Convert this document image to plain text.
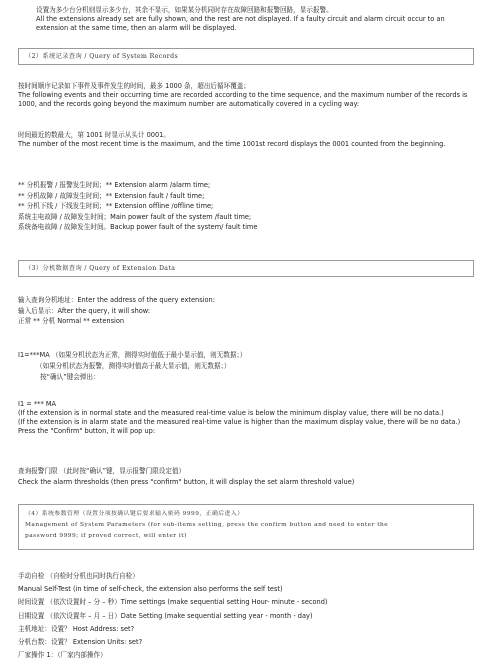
设置为多少台分机则显示多少台，其余不显示，如果某分机同时存在故障回路和报警回路，显示报警。

All the extensions already set are fully shown, and the rest are not displayed. If a faulty circuit and alarm circuit occur to an extension at the same time, then an alarm will be displayed.

（2）系统记录查询 / Query of System Records

按时间顺序记录如下事件及事件发生的时间，最多 1000 条，超出后循环覆盖；

The following events and their occurring time are recorded according to the time sequence, and the maximum number of the records is 1000, and the records going beyond the maximum number are automatically covered in a cycling way:

时间最近的数最大，第 1001 时显示从头计 0001。

The number of the most recent time is the maximum, and the time 1001st record displays the 0001 counted from the beginning.

** 分机报警 / 报警发生时间；** Extension alarm /alarm time;

** 分机故障 / 故障发生时间；** Extension fault / fault time;

** 分机下线 / 下线发生时间；** Extension offline /offline time;

系统主电故障 / 故障发生时间；Main power fault of the system /fault time;

系统备电故障 / 故障发生时间。Backup power fault of the system/ fault time

（3）分机数据查询 / Query of Extension Data

输入查询分机地址：Enter the address of the query extension:

输入后显示：After the query, it will show:

正常 ** 分机 Normal ** extension

I1=***MA （如果分机状态为正常，测得实时值低于最小显示值，则无数据；）

（如果分机状态为报警，测得实时值高于最大显示值，则无数据；）

按“确认”键会弹出：

I1 = *** MA

(If the extension is in normal state and the measured real-time value is below the minimum display value, there will be no data.)

(If the extension is in alarm state and the measured real-time value is higher than the maximum display value, there will be no data.)

Press the "Confirm" button, it will pop up:

查询报警门限 （此时按“确认”键，显示报警门限设定值）

Check the alarm thresholds (then press "confirm" button, it will display the set alarm threshold value)

（4）系统参数管理（设置分项按确认键后要求输入密码 9999，正确后进入）

Management of System Parameters (for sub-items setting, press the confirm button and need to enter the

password 9999; if proved correct, will enter it)

手动自检 （自检时分机也同时执行自检）

Manual Self-Test (in time of self-check, the extension also performs the self test)

时间设置 （依次设置时 – 分 – 秒）Time settings (make sequential setting Hour- minute - second)

日期设置 （依次设置年 – 月 – 日）Date Setting (make sequential setting year - month - day)

主机地址：设置？ Host Address: set?

分机台数：设置？ Extension Units: set?

厂家操作 1：（厂家内部操作）
